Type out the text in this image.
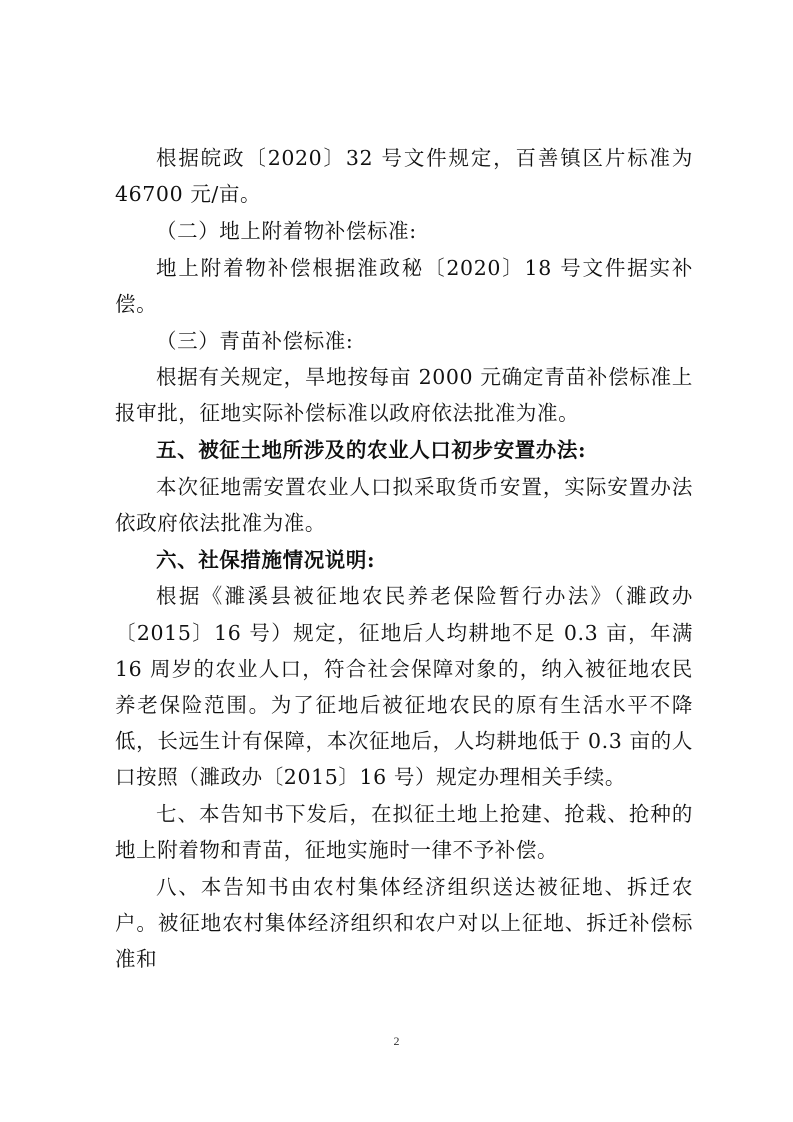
根据皖政〔2020〕32 号文件规定，百善镇区片标准为 46700 元/亩。

（二）地上附着物补偿标准:

地上附着物补偿根据淮政秘〔2020〕18 号文件据实补偿。

（三）青苗补偿标准:

根据有关规定，旱地按每亩 2000 元确定青苗补偿标准上报审批，征地实际补偿标准以政府依法批准为准。

五、被征土地所涉及的农业人口初步安置办法:

本次征地需安置农业人口拟采取货币安置，实际安置办法依政府依法批准为准。

六、社保措施情况说明:

根据《濉溪县被征地农民养老保险暂行办法》（濉政办〔2015〕16 号）规定，征地后人均耕地不足 0.3 亩，年满 16 周岁的农业人口，符合社会保障对象的，纳入被征地农民养老保险范围。为了征地后被征地农民的原有生活水平不降低，长远生计有保障，本次征地后，人均耕地低于 0.3 亩的人口按照（濉政办〔2015〕16 号）规定办理相关手续。

七、本告知书下发后，在拟征土地上抢建、抢栽、抢种的地上附着物和青苗，征地实施时一律不予补偿。

八、本告知书由农村集体经济组织送达被征地、拆迁农户。被征地农村集体经济组织和农户对以上征地、拆迁补偿标准和

2
